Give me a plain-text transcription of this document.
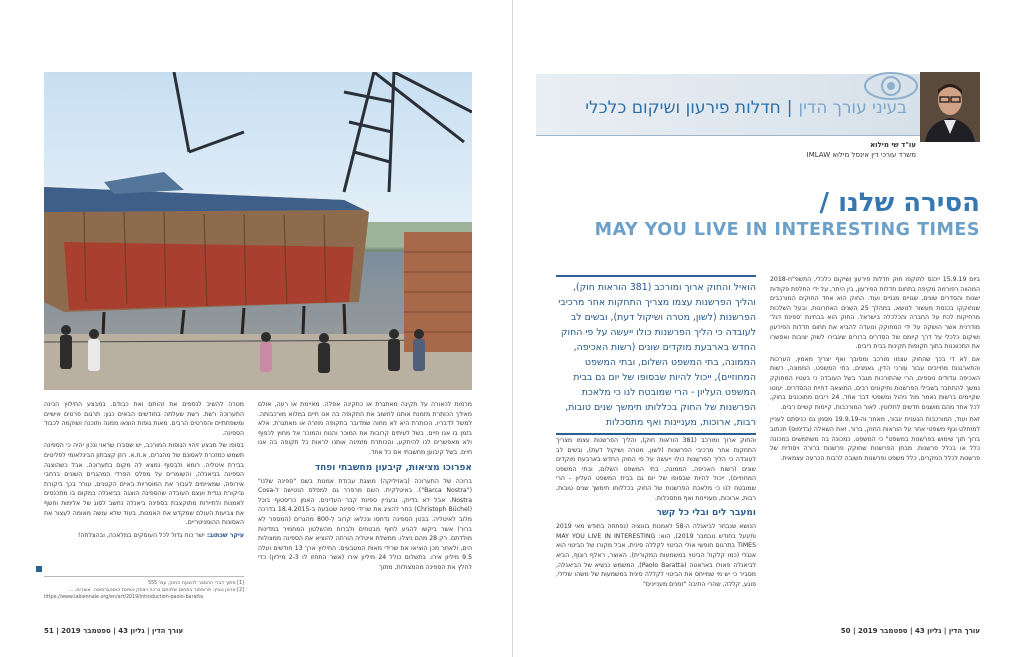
מטרה להשיב לנספים את זהותם ואת כבודם. במבצע החילוץ הכינה התערוכה רשת. רשת שעלתה בחודשים הבאים כגון: תרגום פרטים אישיים ומשפחתיים והפרטים הרבים. מאות גופות הוצאו ממנה ותוכנה ושוקמה לכבוד הספינה.

בסופו של מבצע זיהוי הגופות המורכב, יש שסברו שראוי ונכון יהיה כי הספינה תשמש כמזכרת לאסונם של מהגרים. א.ת.א. רוזן קצבתון הבינלאומי לפליטים בבירת איטליה. רומא ולבסוף נמצא לה מקום בתערוכה. אבל כשהוצגה הספינה בביאנלה, והשומרים על מפלס הפרדי המהגרים השונים ברחבי אירופה, שמאיימים לעבור את המוסריות באיים הקטנים, עורר בכך ביקורת וביקורת נגדית ועצם העובדה שהספינה הוצגה בביאנלה במקום בו מתכנסים לאמנות ולתיירות מתוקצבת בספינה ביאנלה נחשב לסוג של אלימות וחשף את צביעות העולם שמקדש את האמנות, בעוד שלא עושה מאומה לעצור את האסונות ההומניטריים.

עיקר שכתוב: ישר כוח גדול לכל העוסקים במלאכה, ובהצלחה!

מרמות לכאורה על תקינה מאתגרת או כתקינה אפלה. מאיימת או רעה, אולם מאידך הכותרת מזמנת אותנו לחשוב את התקופה בה אנו חיים במלוא מורכבותה. למשל לדבריו, הכותרת היא לא מחוה שמדובר בתקופה מוזרה או מאתגרת, אלא בזמן בו אנו חיים. בשל לעיתים קרובות את המוכר והנוח והמוכר אל מחוץ לכפוף ולא מאפשרים לנו להיתקע, והכותרת מזמינה אותנו לראות כל תקופה בה אנו חיים. בשל קיבוען מחשבתי אם כל אחד.

אפרוכו מציאות, קיבעון מחשבתי ופחד

ברוכה של התערוכה (באזיליקה) מוצגת עבודת אמנות בשם "ספינה שלנו" ("Barca Nostra"). באיטלקית. השם מרפרר גם למפלס הנטישה ל-Cosa Nostra. אבל לא בדיוק. ובעניין ספינת קבר העדינים. האמן כריסטוף בוכל (Christoph Büchel) בחר להציג את שרידי ספינה שטבעה ב-18.4.2015 בדרכה מלוב לאיטליה. בבטן הספינה נדחסו ונכלאו קרוב ל-800 מהגרים (המספר לא ברור) אשר ביקשו להגיע לחוף מבטחים ולברוח מהשלטון המחמיר במדינות מולדתם. רק 28 מהם ניצלו. ממשלת איטליה הורתה להוציא את הספינה ממצולות הים, ולאחר מכן הוציאו את שרידי מאות המטבעים. החילוץ ארך 13 חודשים ועלה 9.5 מיליון אירו. בתשלום כולל 24 מיליון אירו (אשר התחזו לו 2-3 מיליון) כדי לחלץ את הספינה מהמצולות, מתוך

[1] מתוך דברי ההסבר להצעת החוק, עמ' 555
[2] ארגון נוביץ. פרופסור בתחום שלוותם ברכה ויצחק נשיאת האוניברסיטה. אוצרות. ...
https://www.labiennale.org/en/art/2019/introduction-paolo-baratta
51 | עורך הדין | גליון 43 | ספטמבר 2019
בעיני עורך הדין|חדלות פירעון ושיקום כלכלי
עו"ד שי מילוא
משרד עורכי דין אינסל מילוא IMLAW
הסירה שלנו /
MAY YOU LIVE IN INTERESTING TIMES
הואיל והחוק ארוך ומורכב (381 הוראות חוק), והליך הפרשנות עצמו מצריך התחקות אחר מרכיבי הפרשנות (לשון, מטרה ושיקול דעת), ובשים לב לעובדה כי הליך הפרשנות כולו ייעשה על פי החוק החדש בארבעת מוקדים שונים (רשות האכיפה, הממונה, בתי המשפט השלום, ובתי המשפט המחוזיים), ייכול להיות שבסופו של יום גם בבית המשפט העליון - הרי שמובטח לנו כי מלאכת הפרשנות של החוק בכללותו תימשך שנים טובות, רבות, ארוכות, מעניינות ואף מתסכלות

והחוק ארוך ומורכב (381 הוראות חוק), והליך הפרשנות עצמו מצריך התחקות אחר מרכיבי הפרשנות (לשון, מטרה ושיקול דעת), ובשים לב לעובדה כי הליך הפרשנות כולו ייעשה על פי החוק החדש בארבעת מוקדים שונים (רשות האכיפה, הממונה, בתי המשפט השלום, ובתי המשפט המחוזיים), ייכול להיות שבסופו של יום גם בבית המשפט העליון - הרי שמובטח לנו כי מלאכת הפרשנות של החוק בכללותו תימשך שנים טובות, רבות, ארוכות, מעניינות ואף מתסכלות.

ומעבר לים ובלי כל קשר

הנושא שנבחר לביאנלה ה-58 לאמנות בוונציה (נפתחה בחודש מאי 2019 ותיגעל בחודש נובמבר 2019), הוא: MAY YOU LIVE IN INTERESTING TIMES בתרגום חופשי אולי הביטוי לקללה סינית, אבל מקורו של הביטוי הוא אנגלי (כמו קלקול הביטוי במשמעות המקורית). האוצר, ראלף רוגוף, הביא לביאנלה פאולו באראטה (Paolo Baratta), המשמש כנשיא של הביאנלה, מסביר כי יש מי שמייחס את הביטוי לקללה סינית במשמעות של משהו שלילי, פוגע, קללה, שהרי התיבה "זמנים מעניינים"

ביום 15.9.19 ייכנס לתוקפו חוק חדלות פירעון ושיקום כלכלי, התשפ"ח-2018 המהווה רפורמה מקיפה בתחום חדלות הפירעון, בין היתר, על ידי החלפת פקודות ישנות והסדרים שונים, שגויים מגניים ועוד. החוק הוא אחד החוקים המורכבים שנחוקקו בכנסת מעשור לנושא, במהלך 25 השנים האחרונות, ובעל השלכות מרחיקות לכת על החברה והכלכלה בישראל. החוק הוא בבחינת 'ספינת דגל' מודרנית אשר הושקה על ידי המחוקק ונועדה להביא את תחום חדלות הפירעון ושיקום כלכלי על דרך קיומם של הסדרים ברורים שיגבירו לשוק יציבות ואפשרו את התכווננות בתוך תקופות תקינות בבית ריבים.

אם לא די בכך שהחוק עצמו מורכב ומסובך ואף יצריך מאמץ, הערכות והתארגנות מחייבים עבור עורכי הדין, גאמנים, בתי המשפט, הממונה, רשות האכיפה וגדודים נוספים, הרי שהתורכות מגבר בשל העובדה כי בעטיו המחוקק נמשך להתחבר בשבילי הפרשנות ותיקונים רבים, התוצאה דחיית ההסדרים. יעוטו שקיימים ברשות נאמר מול ניהול ומשפטי דבר אחד, 24 ריבים מתוכננים בחוק, לכל אחד מהם מושגים חדשים לחלוטין. לאור המורכבות, קיימות קשיים רבים.

זאת ועוד, המורכבות הגענית יגבור, מאחר וה-19.9.19 מסמן גם כניסתם לעניין למוחלט וגוף משפטי אחר על הוראות החוק, ברור. זאת השאלה (בדימוס) תכתוב ברוך תוך שימוש בפרשנות במשפט" כי המשפט, כמכונה בה משתמשים במכונה כלל או בכלל פרשנות. מבחן הפרשנות שחוקק פרשנות ברורה ויסודית של פרשנות לכלל המקרים, כלל משפט ופרשנות חשובה לרבות הכרעה עצמאית.

עורך הדין | גליון 43 | ספטמבר 2019 | 50
